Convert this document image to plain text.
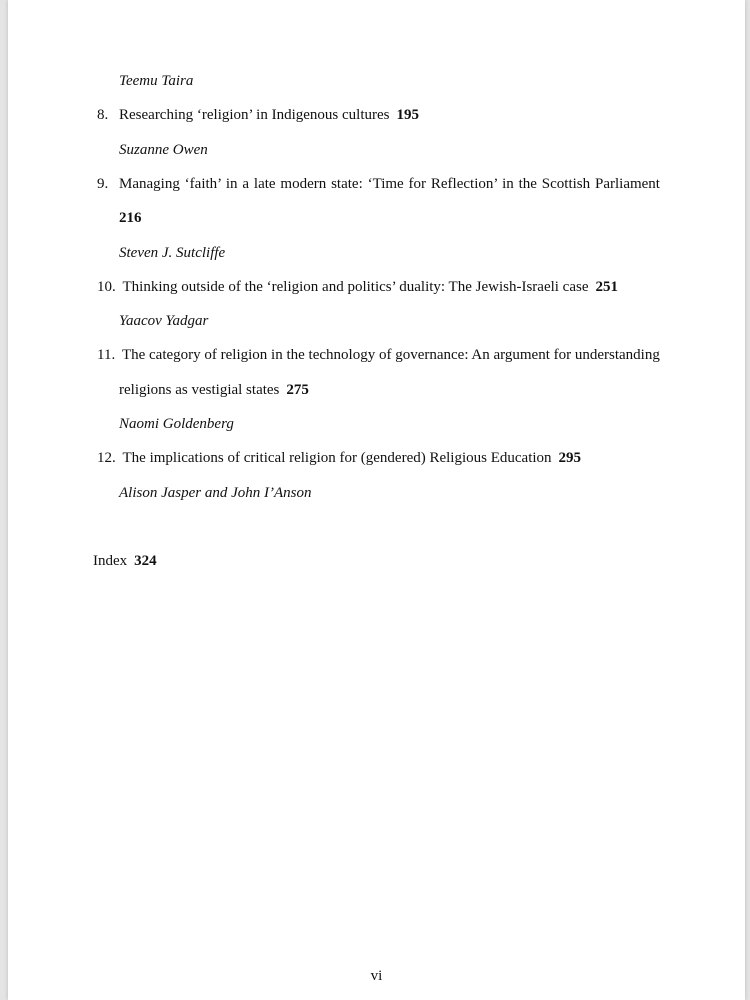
Teemu Taira
8. Researching ‘religion’ in Indigenous cultures 195
Suzanne Owen
9. Managing ‘faith’ in a late modern state: ‘Time for Reflection’ in the Scottish Parliament
216
Steven J. Sutcliffe
10. Thinking outside of the ‘religion and politics’ duality: The Jewish-Israeli case 251
Yaacov Yadgar
11. The category of religion in the technology of governance: An argument for understanding
religions as vestigial states 275
Naomi Goldenberg
12. The implications of critical religion for (gendered) Religious Education 295
Alison Jasper and John I’Anson
Index 324
vi
